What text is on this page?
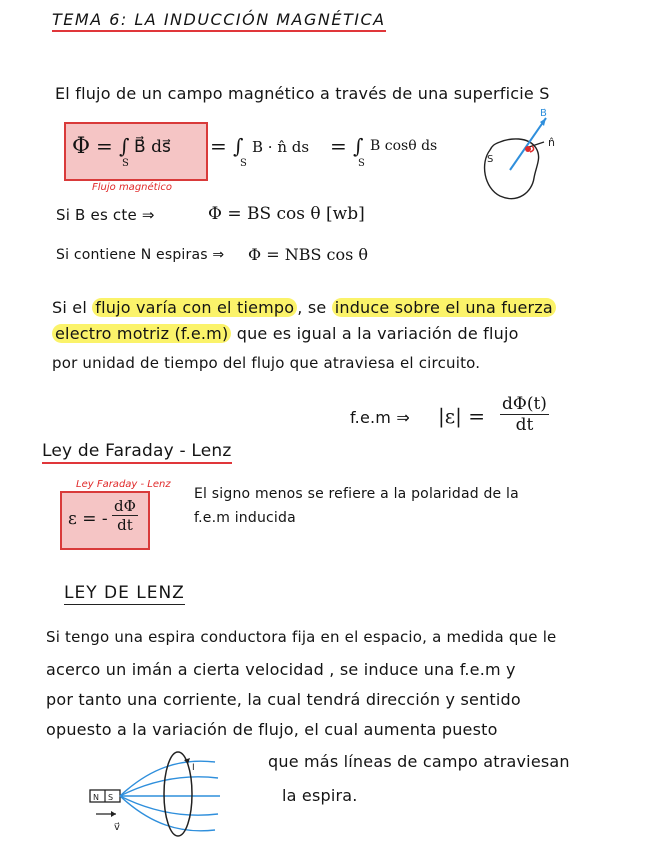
TEMA 6: LA INDUCCIÓN MAGNÉTICA
El flujo de un campo magnético a través de una superficie S
Φ = ∫
S
B⃗ ds⃗ = ∫
S
B · n̂ ds = ∫
S
B cosθ ds
Flujo magnético
S
B⃗
n̂
Si B es cte ⇒	Φ = BS cos θ [wb]
Si contiene N espiras ⇒ Φ = NBS cos θ
Si el flujo varía con el tiempo , se induce sobre el una fuerza
electro motriz (f.e.m) que es igual a la variación de flujo
por unidad de tiempo del flujo que atraviesa el circuito.
f.e.m ⇒ $|\varepsilon| = \frac{d\Phi(t)}{dt}$
Ley de Faraday - Lenz
Ley Faraday - Lenz
ε = - $\frac{d\Phi}{dt}$
El signo menos se refiere a la polaridad de la
f.e.m inducida
LEY DE LENZ
Si tengo una espira conductora fija en el espacio, a medida que le
acerco un imán a cierta velocidad , se induce una f.e.m y
por tanto una corriente, la cual tendrá dirección y sentido
opuesto a la variación de flujo, el cual aumenta puesto
que más líneas de campo atraviesan
la espira.
N S
I
v⃗
